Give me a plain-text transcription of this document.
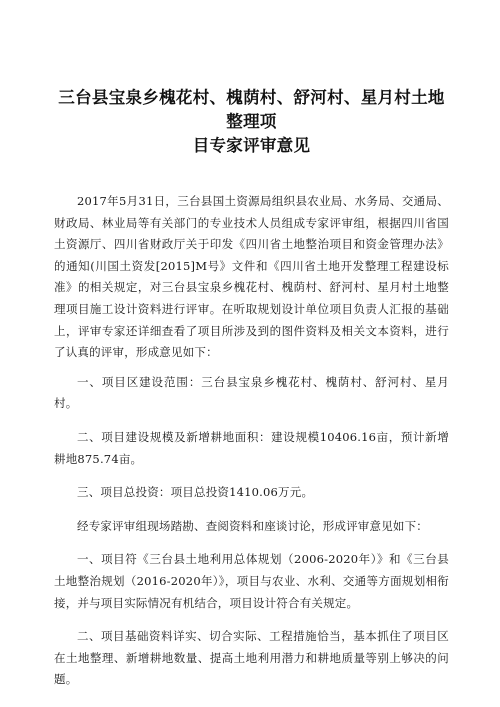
三台县宝泉乡槐花村、槐荫村、舒河村、星月村土地整理项
目专家评审意见

2017年5月31日，三台县国土资源局组织县农业局、水务局、交通局、财政局、林业局等有关部门的专业技术人员组成专家评审组，根据四川省国土资源厅、四川省财政厅关于印发《四川省土地整治项目和资金管理办法》的通知(川国土资发[2015]M号》文件和《四川省土地开发整理工程建设标准》的相关规定，对三台县宝泉乡槐花村、槐荫村、舒河村、星月村土地整理项目施工设计资料进行评审。在听取规划设计单位项目负责人汇报的基础上，评审专家还详细查看了项目所涉及到的图件资料及相关文本资料，进行了认真的评审，形成意见如下：

一、项目区建设范围：三台县宝泉乡槐花村、槐荫村、舒河村、星月村。

二、项目建设规模及新增耕地面积：建设规模10406.16亩，预计新增耕地875.74亩。

三、项目总投资：项目总投资1410.06万元。

经专家评审组现场踏勘、查阅资料和座谈讨论，形成评审意见如下：

一、项目符《三台县土地利用总体规划（2006-2020年）》和《三台县土地整治规划（2016-2020年）》，项目与农业、水利、交通等方面规划相衔接，并与项目实际情况有机结合，项目设计符合有关规定。

二、项目基础资料详实、切合实际、工程措施恰当，基本抓住了项目区在土地整理、新增耕地数量、提高土地利用潜力和耕地质量等别上够决的问题。
